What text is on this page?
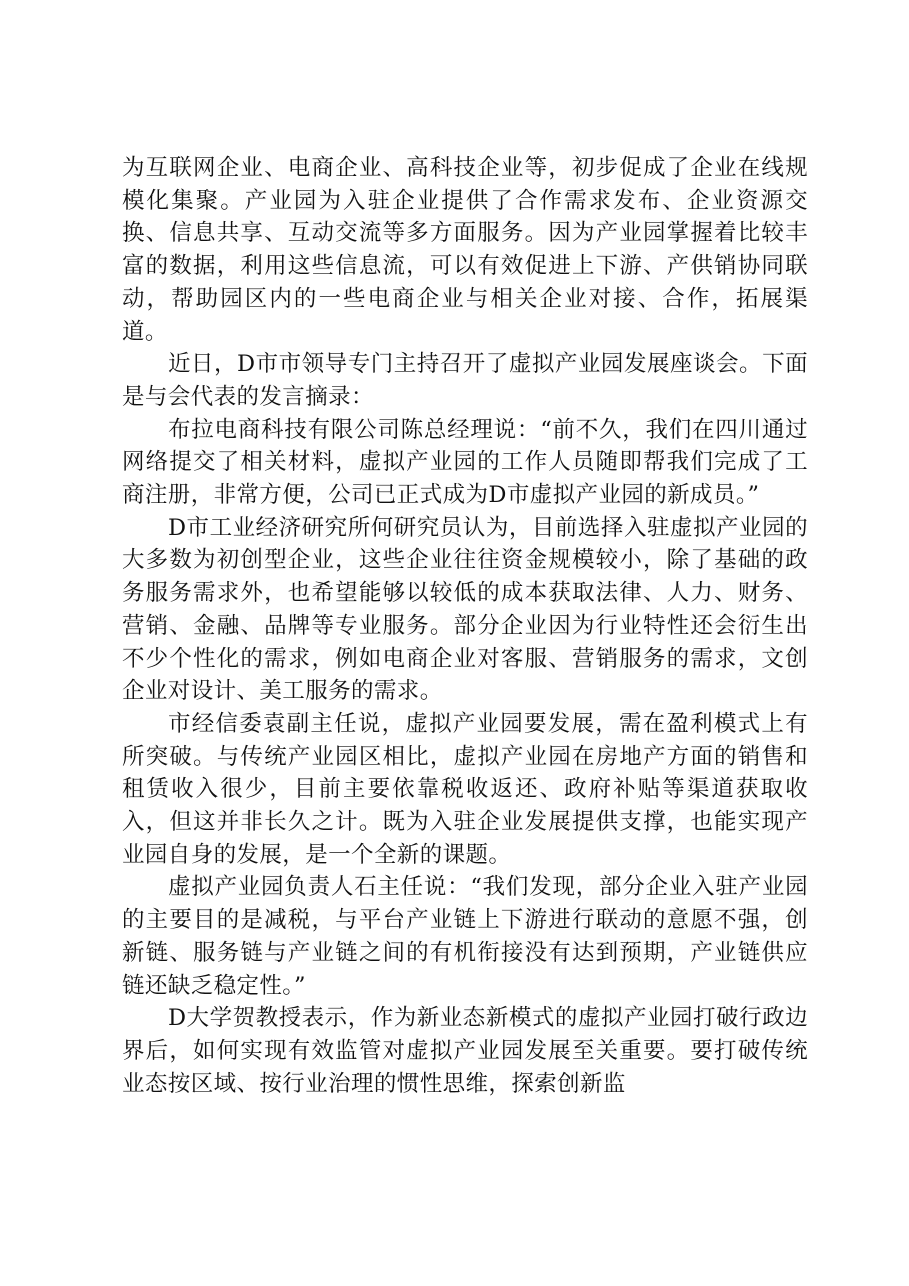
为互联网企业、电商企业、高科技企业等，初步促成了企业在线规模化集聚。产业园为入驻企业提供了合作需求发布、企业资源交换、信息共享、互动交流等多方面服务。因为产业园掌握着比较丰富的数据，利用这些信息流，可以有效促进上下游、产供销协同联动，帮助园区内的一些电商企业与相关企业对接、合作，拓展渠道。

近日，D市市领导专门主持召开了虚拟产业园发展座谈会。下面是与会代表的发言摘录：

布拉电商科技有限公司陈总经理说：“前不久，我们在四川通过网络提交了相关材料，虚拟产业园的工作人员随即帮我们完成了工商注册，非常方便，公司已正式成为D市虚拟产业园的新成员。”

D市工业经济研究所何研究员认为，目前选择入驻虚拟产业园的大多数为初创型企业，这些企业往往资金规模较小，除了基础的政务服务需求外，也希望能够以较低的成本获取法律、人力、财务、营销、金融、品牌等专业服务。部分企业因为行业特性还会衍生出不少个性化的需求，例如电商企业对客服、营销服务的需求，文创企业对设计、美工服务的需求。

市经信委袁副主任说，虚拟产业园要发展，需在盈利模式上有所突破。与传统产业园区相比，虚拟产业园在房地产方面的销售和租赁收入很少，目前主要依靠税收返还、政府补贴等渠道获取收入，但这并非长久之计。既为入驻企业发展提供支撑，也能实现产业园自身的发展，是一个全新的课题。

虚拟产业园负责人石主任说：“我们发现，部分企业入驻产业园的主要目的是减税，与平台产业链上下游进行联动的意愿不强，创新链、服务链与产业链之间的有机衔接没有达到预期，产业链供应链还缺乏稳定性。”

D大学贺教授表示，作为新业态新模式的虚拟产业园打破行政边界后，如何实现有效监管对虚拟产业园发展至关重要。要打破传统业态按区域、按行业治理的惯性思维，探索创新监
